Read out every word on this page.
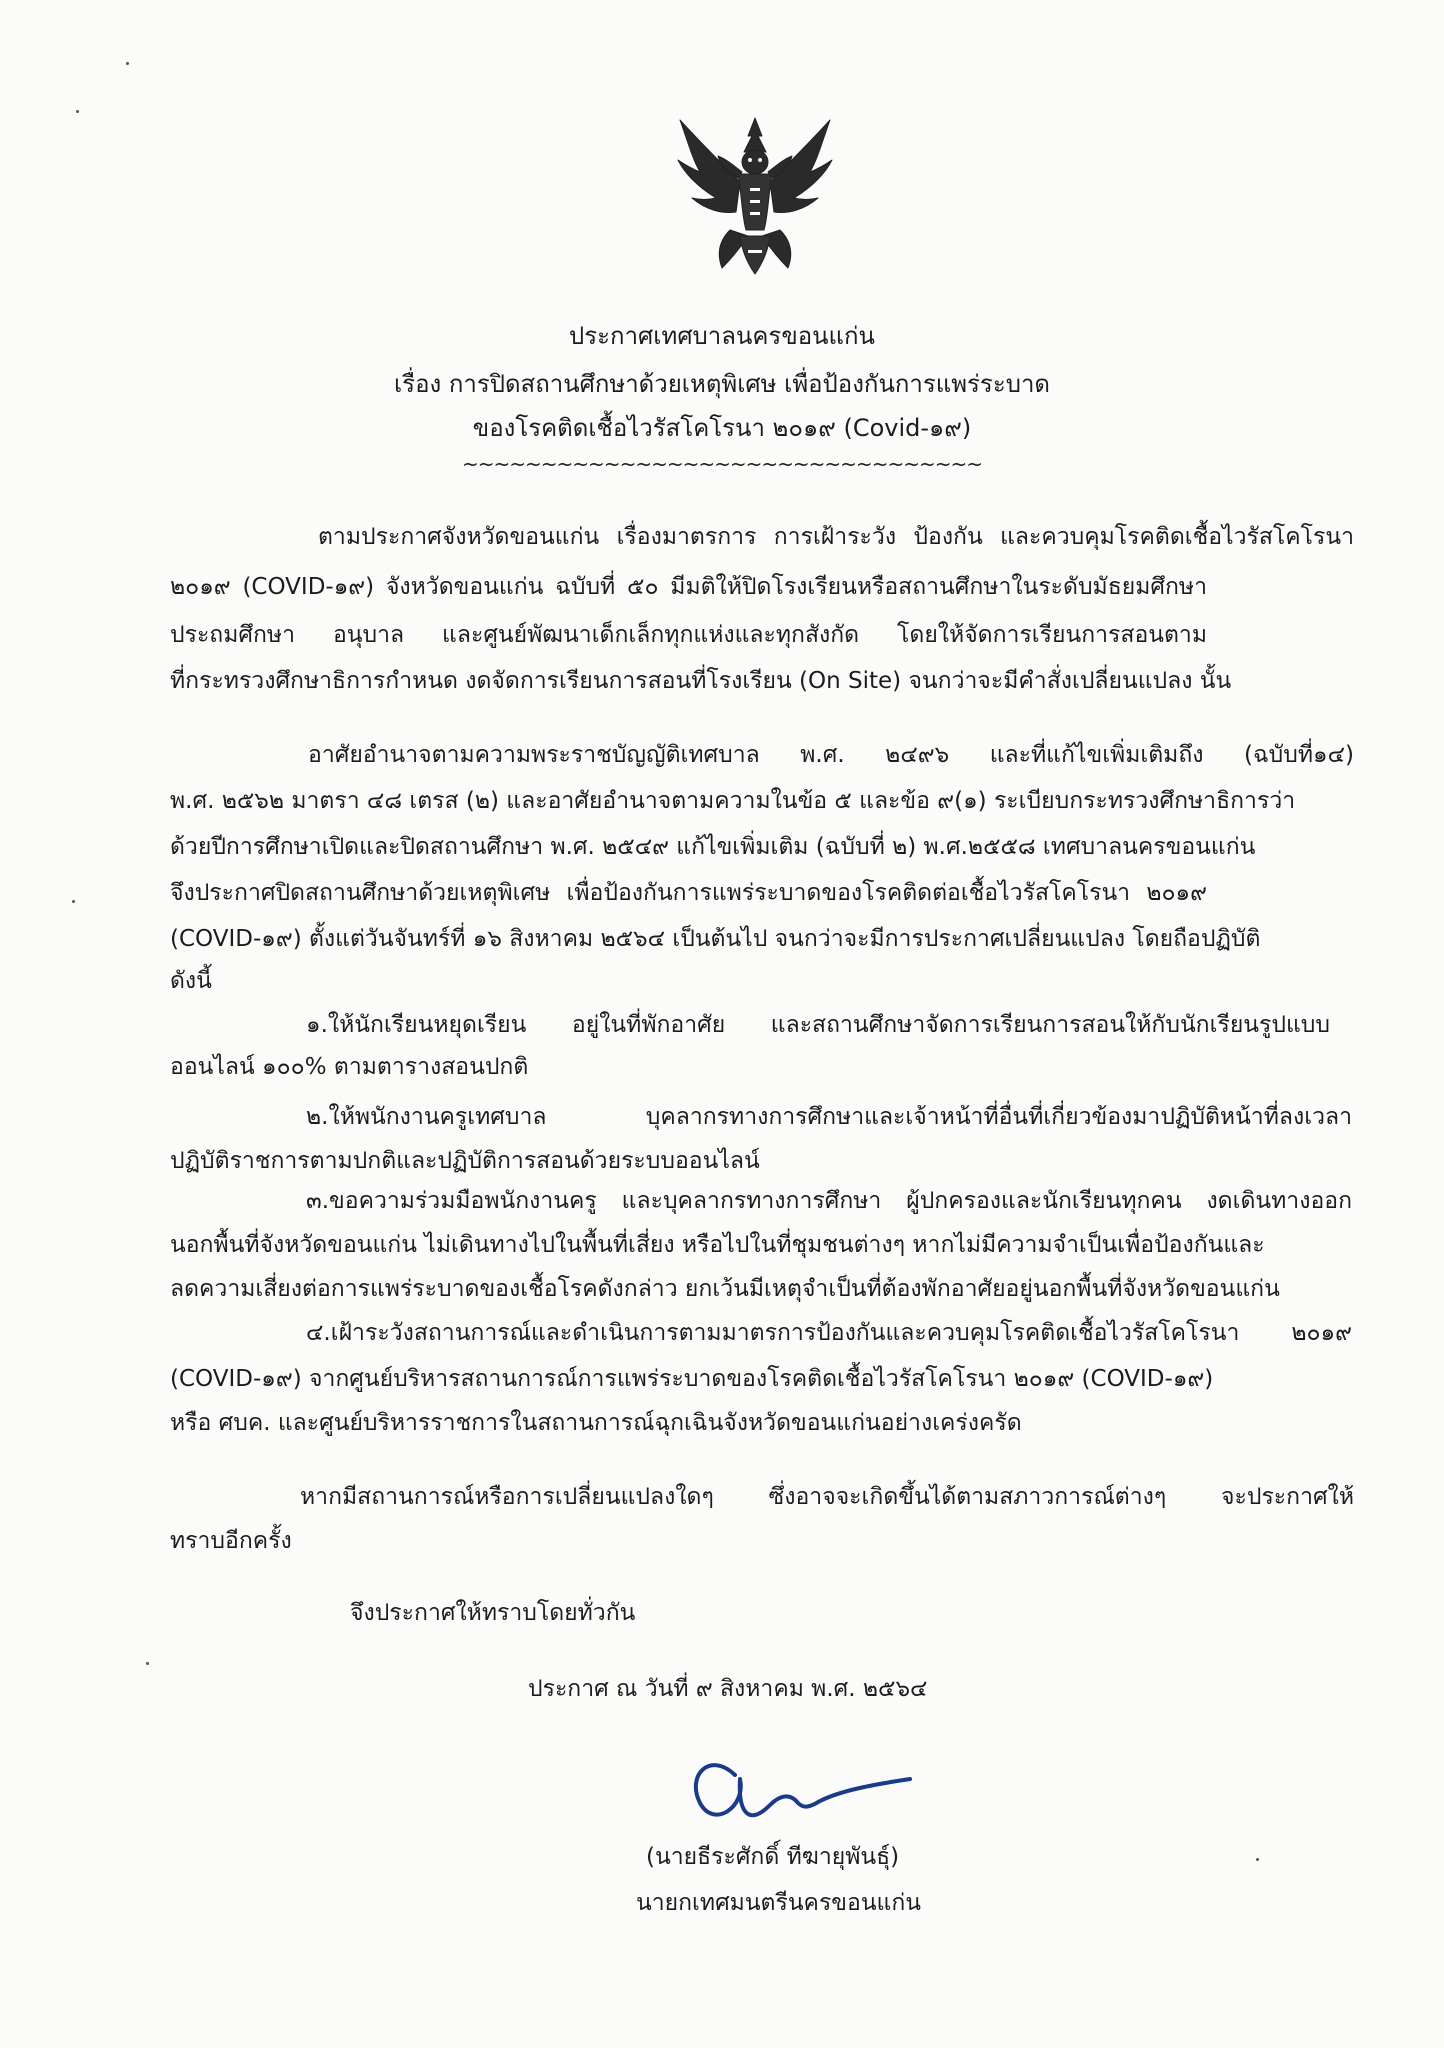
ประกาศเทศบาลนครขอนแก่น
เรื่อง การปิดสถานศึกษาด้วยเหตุพิเศษ เพื่อป้องกันการแพร่ระบาด
ของโรคติดเชื้อไวรัสโคโรนา ๒๐๑๙ (Covid-๑๙)
~~~~~~~~~~~~~~~~~~~~~~~~~~~~~~~~~
ตามประกาศจังหวัดขอนแก่น เรื่องมาตรการ การเฝ้าระวัง ป้องกัน และควบคุมโรคติดเชื้อไวรัสโคโรนา
๒๐๑๙ (COVID-๑๙) จังหวัดขอนแก่น ฉบับที่ ๕๐ มีมติให้ปิดโรงเรียนหรือสถานศึกษาในระดับมัธยมศึกษา
ประถมศึกษา อนุบาล และศูนย์พัฒนาเด็กเล็กทุกแห่งและทุกสังกัด โดยให้จัดการเรียนการสอนตาม
ที่กระทรวงศึกษาธิการกำหนด งดจัดการเรียนการสอนที่โรงเรียน (On Site) จนกว่าจะมีคำสั่งเปลี่ยนแปลง นั้น
อาศัยอำนาจตามความพระราชบัญญัติเทศบาล พ.ศ. ๒๔๙๖ และที่แก้ไขเพิ่มเติมถึง (ฉบับที่๑๔)
พ.ศ. ๒๕๖๒ มาตรา ๔๘ เตรส (๒) และอาศัยอำนาจตามความในข้อ ๕ และข้อ ๙(๑) ระเบียบกระทรวงศึกษาธิการว่า
ด้วยปีการศึกษาเปิดและปิดสถานศึกษา พ.ศ. ๒๕๔๙ แก้ไขเพิ่มเติม (ฉบับที่ ๒) พ.ศ.๒๕๕๘ เทศบาลนครขอนแก่น
จึงประกาศปิดสถานศึกษาด้วยเหตุพิเศษ เพื่อป้องกันการแพร่ระบาดของโรคติดต่อเชื้อไวรัสโคโรนา ๒๐๑๙
(COVID-๑๙) ตั้งแต่วันจันทร์ที่ ๑๖ สิงหาคม ๒๕๖๔ เป็นต้นไป จนกว่าจะมีการประกาศเปลี่ยนแปลง โดยถือปฏิบัติ
ดังนี้
๑.ให้นักเรียนหยุดเรียน อยู่ในที่พักอาศัย และสถานศึกษาจัดการเรียนการสอนให้กับนักเรียนรูปแบบ
ออนไลน์ ๑๐๐% ตามตารางสอนปกติ
๒.ให้พนักงานครูเทศบาล บุคลากรทางการศึกษาและเจ้าหน้าที่อื่นที่เกี่ยวข้องมาปฏิบัติหน้าที่ลงเวลา
ปฏิบัติราชการตามปกติและปฏิบัติการสอนด้วยระบบออนไลน์
๓.ขอความร่วมมือพนักงานครู และบุคลากรทางการศึกษา ผู้ปกครองและนักเรียนทุกคน งดเดินทางออก
นอกพื้นที่จังหวัดขอนแก่น ไม่เดินทางไปในพื้นที่เสี่ยง หรือไปในที่ชุมชนต่างๆ หากไม่มีความจำเป็นเพื่อป้องกันและ
ลดความเสี่ยงต่อการแพร่ระบาดของเชื้อโรคดังกล่าว ยกเว้นมีเหตุจำเป็นที่ต้องพักอาศัยอยู่นอกพื้นที่จังหวัดขอนแก่น
๔.เฝ้าระวังสถานการณ์และดำเนินการตามมาตรการป้องกันและควบคุมโรคติดเชื้อไวรัสโคโรนา ๒๐๑๙
(COVID-๑๙) จากศูนย์บริหารสถานการณ์การแพร่ระบาดของโรคติดเชื้อไวรัสโคโรนา ๒๐๑๙ (COVID-๑๙)
หรือ ศบค. และศูนย์บริหารราชการในสถานการณ์ฉุกเฉินจังหวัดขอนแก่นอย่างเคร่งครัด
หากมีสถานการณ์หรือการเปลี่ยนแปลงใดๆ ซึ่งอาจจะเกิดขึ้นได้ตามสภาวการณ์ต่างๆ จะประกาศให้
ทราบอีกครั้ง
จึงประกาศให้ทราบโดยทั่วกัน
ประกาศ ณ วันที่ ๙ สิงหาคม พ.ศ. ๒๕๖๔
(นายธีระศักดิ์ ทีฆายุพันธุ์)
นายกเทศมนตรีนครขอนแก่น
